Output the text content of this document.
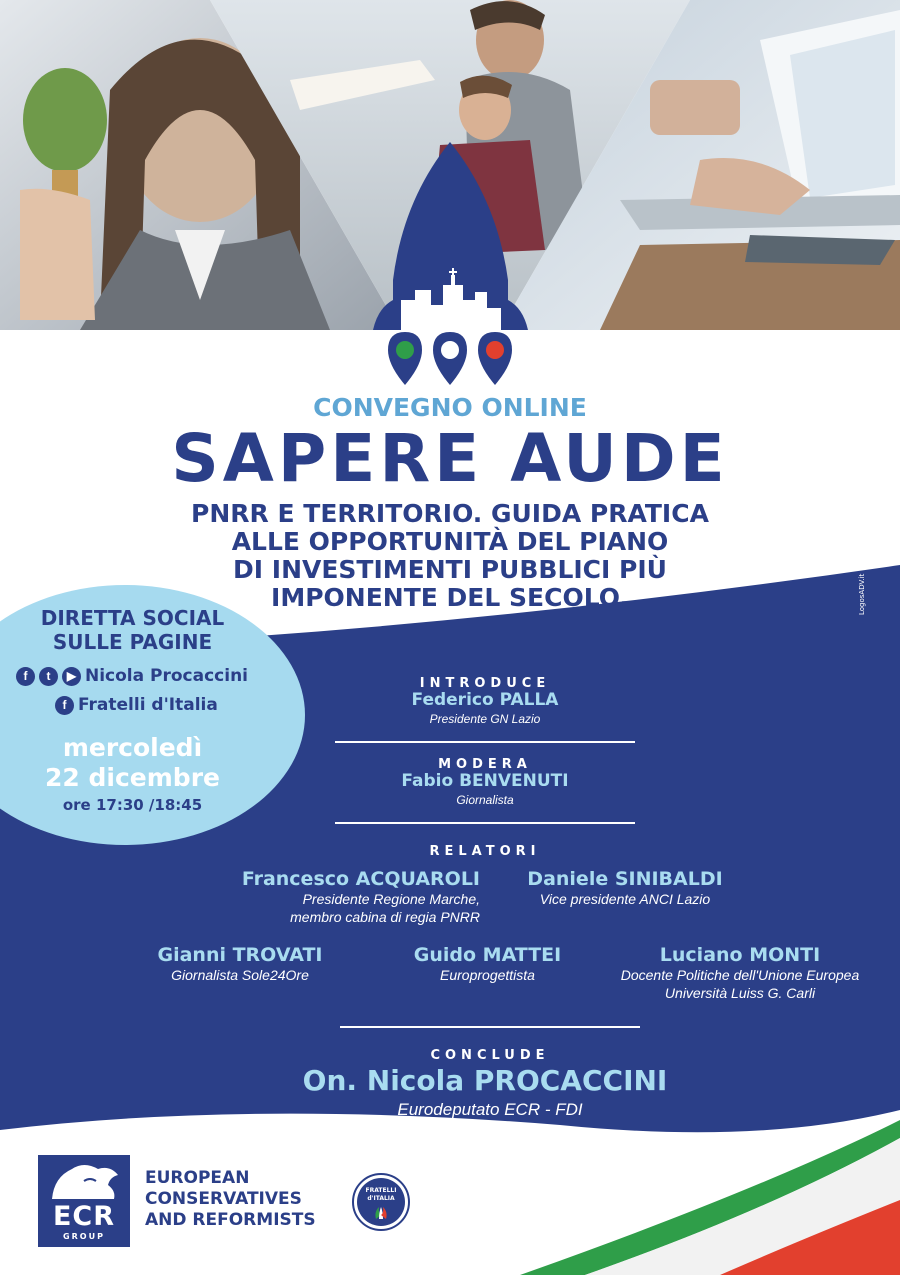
CONVEGNO ONLINE
SAPERE AUDE
PNRR E TERRITORIO. GUIDA PRATICA
ALLE OPPORTUNITÀ DEL PIANO
DI INVESTIMENTI PUBBLICI PIÙ
IMPONENTE DEL SECOLO.	LogosADV.it
DIRETTA SOCIAL
SULLE PAGINE
f t ▶ Nicola Procaccini
f Fratelli d'Italia
mercoledì
22 dicembre
ore 17:30 /18:45
INTRODUCE
Federico PALLA
Presidente GN Lazio
MODERA
Fabio BENVENUTI
Giornalista
RELATORI
Francesco ACQUAROLI
Presidente Regione Marche,
membro cabina di regia PNRR
Daniele SINIBALDI
Vice presidente ANCI Lazio
Gianni TROVATI
Giornalista Sole24Ore
Guido MATTEI
Europrogettista
Luciano MONTI
Docente Politiche dell'Unione Europea
Università Luiss G. Carli
CONCLUDE
On. Nicola PROCACCINI
Eurodeputato ECR - FDI
ECR
GROUP
EUROPEAN
CONSERVATIVES
AND REFORMISTS
FRATELLI
d'ITALIA
